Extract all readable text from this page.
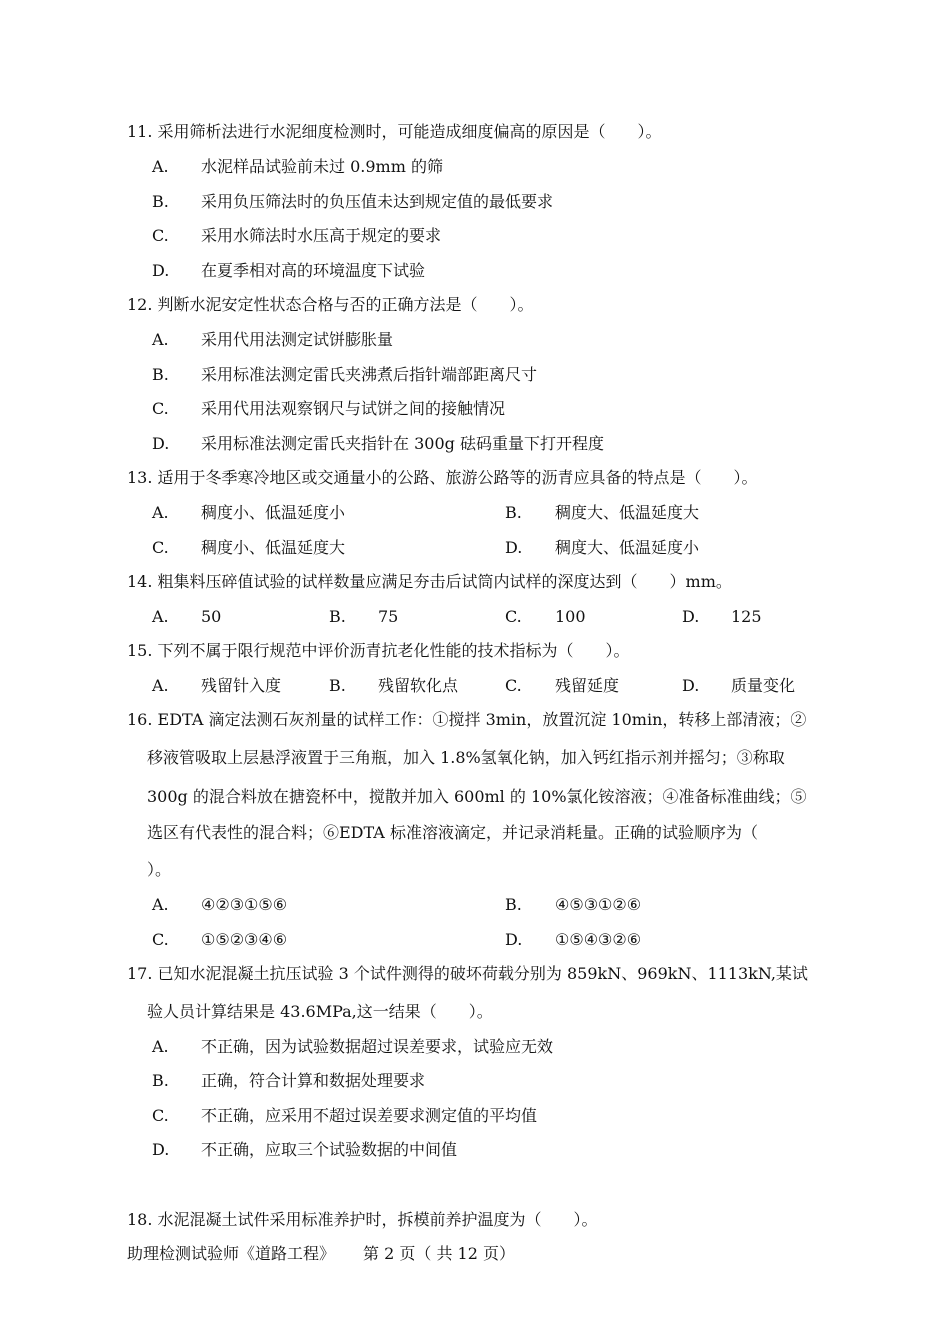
11. 采用筛析法进行水泥细度检测时，可能造成细度偏高的原因是（　　）。
A. 水泥样品试验前未过 0.9mm 的筛
B. 采用负压筛法时的负压值未达到规定值的最低要求
C. 采用水筛法时水压高于规定的要求
D. 在夏季相对高的环境温度下试验
12. 判断水泥安定性状态合格与否的正确方法是（　　）。
A. 采用代用法测定试饼膨胀量
B. 采用标准法测定雷氏夹沸煮后指针端部距离尺寸
C. 采用代用法观察钢尺与试饼之间的接触情况
D. 采用标准法测定雷氏夹指针在 300g 砝码重量下打开程度
13. 适用于冬季寒冷地区或交通量小的公路、旅游公路等的沥青应具备的特点是（　　）。
A. 稠度小、低温延度小	B. 稠度大、低温延度大
C. 稠度小、低温延度大	D. 稠度大、低温延度小
14. 粗集料压碎值试验的试样数量应满足夯击后试筒内试样的深度达到（　　）mm。
A. 50	B. 75	C. 100	D. 125
15. 下列不属于限行规范中评价沥青抗老化性能的技术指标为（　　）。
A. 残留针入度	B. 残留软化点	C. 残留延度	D. 质量变化
16. EDTA 滴定法测石灰剂量的试样工作：①搅拌 3min，放置沉淀 10min，转移上部清液；②
移液管吸取上层悬浮液置于三角瓶，加入 1.8%氢氧化钠，加入钙红指示剂并摇匀；③称取
300g 的混合料放在搪瓷杯中，搅散并加入 600ml 的 10%氯化铵溶液；④准备标准曲线；⑤
选区有代表性的混合料；⑥EDTA 标准溶液滴定，并记录消耗量。正确的试验顺序为（
）。
A. ④②③①⑤⑥	B. ④⑤③①②⑥
C. ①⑤②③④⑥	D. ①⑤④③②⑥
17. 已知水泥混凝土抗压试验 3 个试件测得的破坏荷载分别为 859kN、969kN、1113kN,某试
验人员计算结果是 43.6MPa,这一结果（　　）。
A. 不正确，因为试验数据超过误差要求，试验应无效
B. 正确，符合计算和数据处理要求
C. 不正确，应采用不超过误差要求测定值的平均值
D. 不正确，应取三个试验数据的中间值
18. 水泥混凝土试件采用标准养护时，拆模前养护温度为（　　）。
助理检测试验师《道路工程》 第 2 页（ 共 12 页）
